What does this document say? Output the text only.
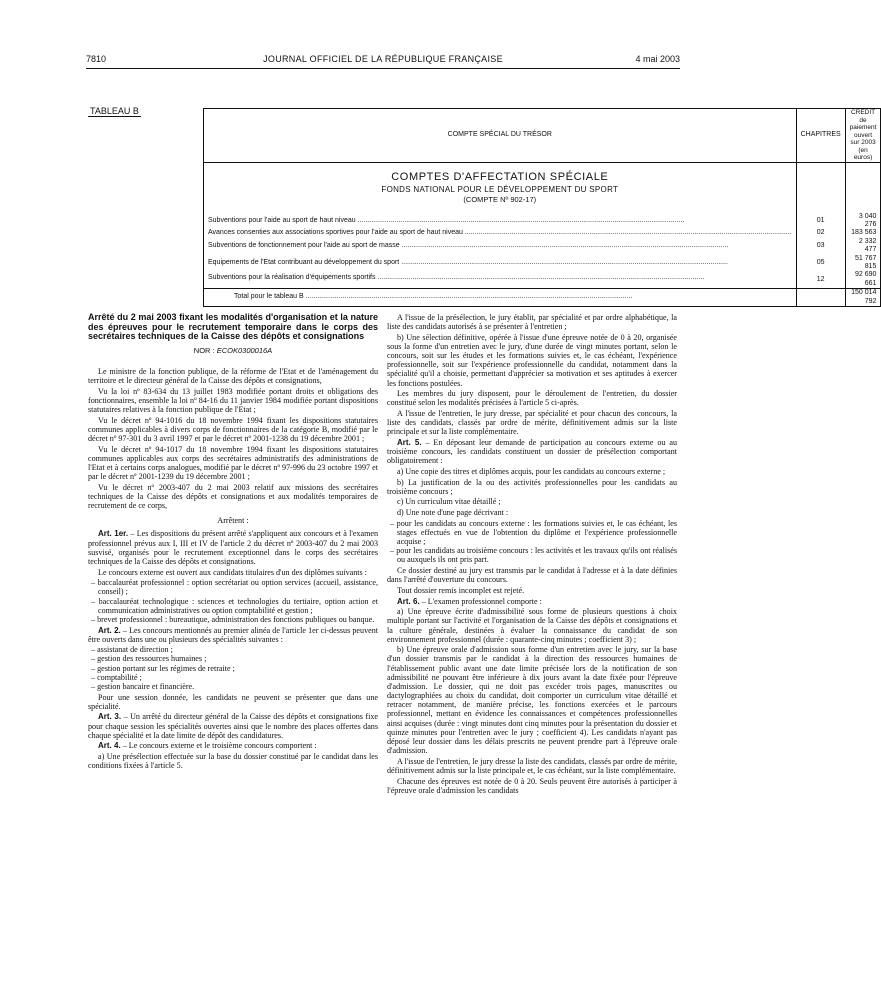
7810	JOURNAL OFFICIEL DE LA RÉPUBLIQUE FRANÇAISE	4 mai 2003
TABLEAU B
COMPTE SPÉCIAL DU TRÉSOR	CHAPITRES	CRÉDIT
de paiement
ouvert
sur 2003
(en euros)

COMPTES D'AFFECTATION SPÉCIALE
FONDS NATIONAL POUR LE DÉVELOPPEMENT DU SPORT
(COMPTE Nº 902-17)		

Subventions pour l'aide au sport de haut niveau .....	01	3 040 276
Avances consenties aux associations sportives pour l'aide au sport de haut niveau .....	02	183 563
Subventions de fonctionnement pour l'aide au sport de masse .....	03	2 332 477
Equipements de l'Etat contribuant au développement du sport .....	05	51 767 815
Subventions pour la réalisation d'équipements sportifs .....	12	92 690 661
Total pour le tableau B .....		150 014 792

Arrêté du 2 mai 2003 fixant les modalités d'organisation et la nature des épreuves pour le recrutement temporaire dans le corps des secrétaires techniques de la Caisse des dépôts et consignations

NOR : ECOK0300016A

Le ministre de la fonction publique, de la réforme de l'Etat et de l'aménagement du territoire et le directeur général de la Caisse des dépôts et consignations,

Vu la loi nº 83-634 du 13 juillet 1983 modifiée portant droits et obligations des fonctionnaires, ensemble la loi nº 84-16 du 11 janvier 1984 modifiée portant dispositions statutaires relatives à la fonction publique de l'Etat ;

Vu le décret nº 94-1016 du 18 novembre 1994 fixant les dispositions statutaires communes applicables à divers corps de fonctionnaires de la catégorie B, modifié par le décret nº 97-301 du 3 avril 1997 et par le décret nº 2001-1238 du 19 décembre 2001 ;

Vu le décret nº 94-1017 du 18 novembre 1994 fixant les dispositions statutaires communes applicables aux corps des secrétaires administratifs des administrations de l'Etat et à certains corps analogues, modifié par le décret nº 97-996 du 23 octobre 1997 et par le décret nº 2001-1239 du 19 décembre 2001 ;

Vu le décret nº 2003-407 du 2 mai 2003 relatif aux missions des secrétaires techniques de la Caisse des dépôts et consignations et aux modalités temporaires de recrutement de ce corps,

Arrêtent :

Art. 1er. – Les dispositions du présent arrêté s'appliquent aux concours et à l'examen professionnel prévus aux I, III et IV de l'article 2 du décret nº 2003-407 du 2 mai 2003 susvisé, organisés pour le recrutement exceptionnel dans le corps des secrétaires techniques de la Caisse des dépôts et consignations.

Le concours externe est ouvert aux candidats titulaires d'un des diplômes suivants :

– baccalauréat professionnel : option secrétariat ou option services (accueil, assistance, conseil) ;
– baccalauréat technologique : sciences et technologies du tertiaire, option action et communication administratives ou option comptabilité et gestion ;
– brevet professionnel : bureautique, administration des fonctions publiques ou banque.

Art. 2. – Les concours mentionnés au premier alinéa de l'article 1er ci-dessus peuvent être ouverts dans une ou plusieurs des spécialités suivantes :

– assistanat de direction ;
– gestion des ressources humaines ;
– gestion portant sur les régimes de retraite ;
– comptabilité ;
– gestion bancaire et financière.

Pour une session donnée, les candidats ne peuvent se présenter que dans une spécialité.

Art. 3. – Un arrêté du directeur général de la Caisse des dépôts et consignations fixe pour chaque session les spécialités ouvertes ainsi que le nombre des places offertes dans chaque spécialité et la date limite de dépôt des candidatures.

Art. 4. – Le concours externe et le troisième concours comportent :

a) Une présélection effectuée sur la base du dossier constitué par le candidat dans les conditions fixées à l'article 5.

A l'issue de la présélection, le jury établit, par spécialité et par ordre alphabétique, la liste des candidats autorisés à se présenter à l'entretien ;

b) Une sélection définitive, opérée à l'issue d'une épreuve notée de 0 à 20, organisée sous la forme d'un entretien avec le jury, d'une durée de vingt minutes portant, selon le concours, soit sur les études et les formations suivies et, le cas échéant, l'expérience professionnelle, soit sur l'expérience professionnelle du candidat, notamment dans la spécialité qu'il a choisie, permettant d'apprécier sa motivation et ses aptitudes à exercer les fonctions postulées.

Les membres du jury disposent, pour le déroulement de l'entretien, du dossier constitué selon les modalités précisées à l'article 5 ci-après.

A l'issue de l'entretien, le jury dresse, par spécialité et pour chacun des concours, la liste des candidats, classés par ordre de mérite, définitivement admis sur la liste principale et sur la liste complémentaire.

Art. 5. – En déposant leur demande de participation au concours externe ou au troisième concours, les candidats constituent un dossier de présélection comportant obligatoirement :

a) Une copie des titres et diplômes acquis, pour les candidats au concours externe ;

b) La justification de la ou des activités professionnelles pour les candidats au troisième concours ;

c) Un curriculum vitae détaillé ;

d) Une note d'une page décrivant :

– pour les candidats au concours externe : les formations suivies et, le cas échéant, les stages effectués en vue de l'obtention du diplôme et l'expérience professionnelle acquise ;
– pour les candidats au troisième concours : les activités et les travaux qu'ils ont réalisés ou auxquels ils ont pris part.

Ce dossier destiné au jury est transmis par le candidat à l'adresse et à la date définies dans l'arrêté d'ouverture du concours.

Tout dossier remis incomplet est rejeté.

Art. 6. – L'examen professionnel comporte :

a) Une épreuve écrite d'admissibilité sous forme de plusieurs questions à choix multiple portant sur l'activité et l'organisation de la Caisse des dépôts et consignations et la culture générale, destinées à évaluer la connaissance du candidat de son environnement professionnel (durée : quarante-cinq minutes ; coefficient 3) ;

b) Une épreuve orale d'admission sous forme d'un entretien avec le jury, sur la base d'un dossier transmis par le candidat à la direction des ressources humaines de l'établissement public avant une date limite précisée lors de la notification de son admissibilité ne pouvant être inférieure à dix jours avant la date fixée pour l'épreuve d'admission. Le dossier, qui ne doit pas excéder trois pages, manuscrites ou dactylographiées au choix du candidat, doit comporter un curriculum vitae détaillé et retracer notamment, de manière précise, les fonctions exercées et le parcours professionnel, mettant en évidence les connaissances et compétences professionnelles ainsi acquises (durée : vingt minutes dont cinq minutes pour la présentation du dossier et quinze minutes pour l'entretien avec le jury ; coefficient 4). Les candidats n'ayant pas déposé leur dossier dans les délais prescrits ne peuvent prendre part à l'épreuve orale d'admission.

A l'issue de l'entretien, le jury dresse la liste des candidats, classés par ordre de mérite, définitivement admis sur la liste principale et, le cas échéant, sur la liste complémentaire.

Chacune des épreuves est notée de 0 à 20. Seuls peuvent être autorisés à participer à l'épreuve orale d'admission les candidats
